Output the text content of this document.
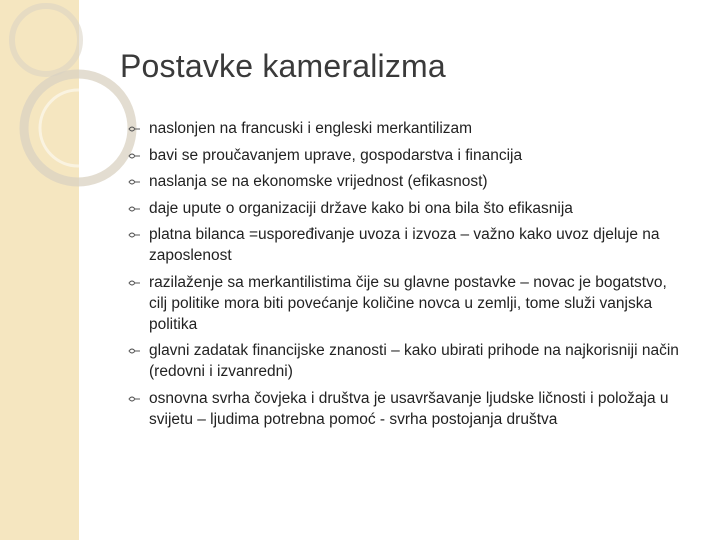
Postavke kameralizma
naslonjen na francuski i engleski merkantilizam
bavi se proučavanjem uprave, gospodarstva i financija
naslanja se na ekonomske vrijednost (efikasnost)
daje upute o organizaciji države kako bi ona bila što efikasnija
platna bilanca =uspoređivanje uvoza i izvoza – važno kako uvoz djeluje na zaposlenost
razilaženje sa merkantilistima čije su glavne postavke – novac je bogatstvo, cilj politike mora biti povećanje količine novca u zemlji, tome služi vanjska politika
glavni zadatak financijske znanosti – kako ubirati prihode na najkorisniji način (redovni i izvanredni)
osnovna svrha čovjeka i društva je usavršavanje ljudske ličnosti i položaja u svijetu – ljudima potrebna pomoć - svrha postojanja društva
